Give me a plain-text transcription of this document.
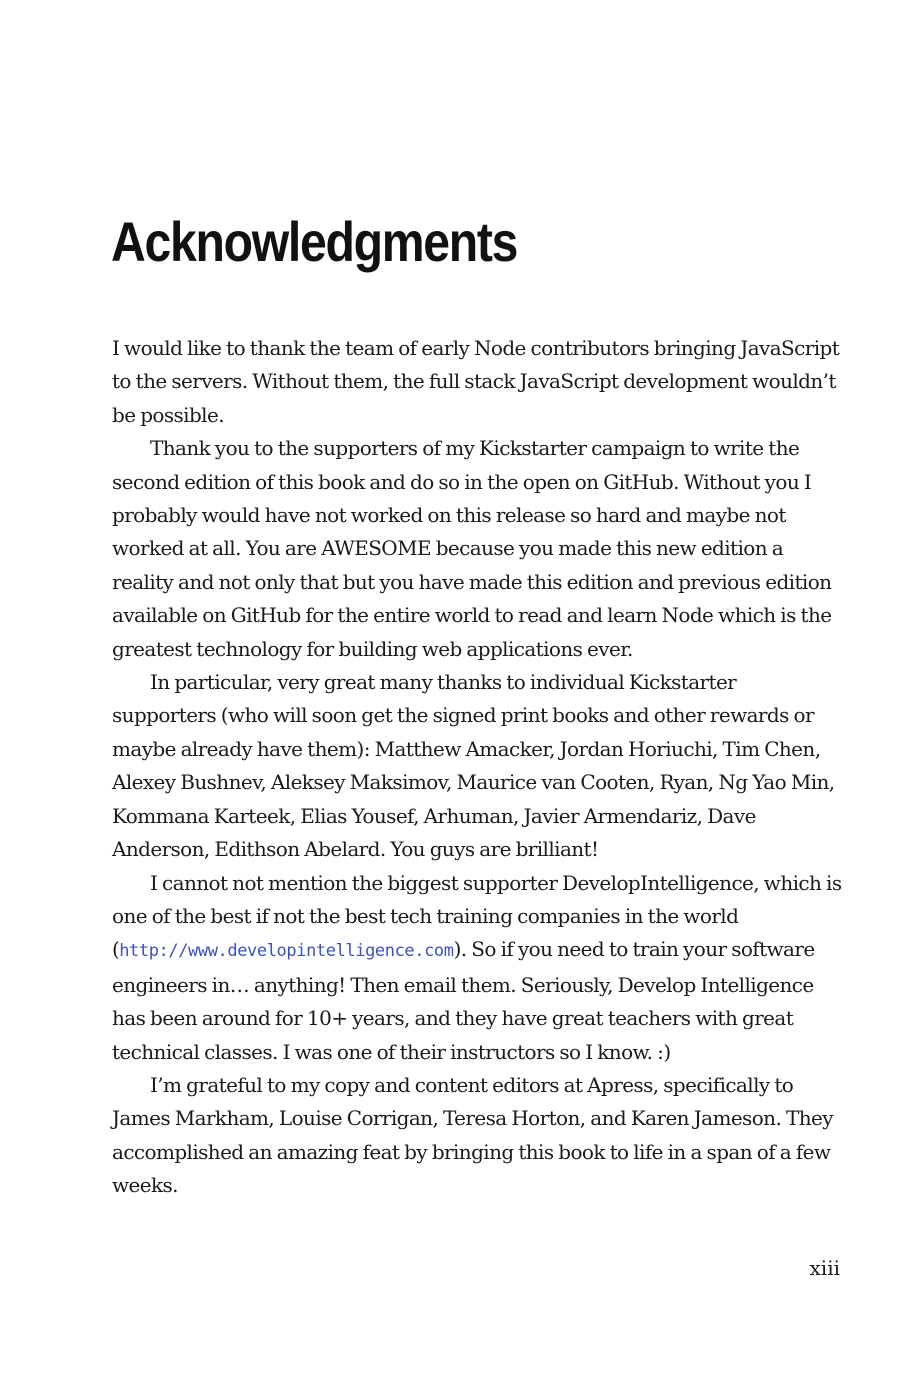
Acknowledgments

I would like to thank the team of early Node contributors bringing JavaScript to the servers. Without them, the full stack JavaScript development wouldn’t be possible.

Thank you to the supporters of my Kickstarter campaign to write the second edition of this book and do so in the open on GitHub. Without you I probably would have not worked on this release so hard and maybe not worked at all. You are AWESOME because you made this new edition a reality and not only that but you have made this edition and previous edition available on GitHub for the entire world to read and learn Node which is the greatest technology for building web applications ever.

In particular, very great many thanks to individual Kickstarter supporters (who will soon get the signed print books and other rewards or maybe already have them): Matthew Amacker, Jordan Horiuchi, Tim Chen, Alexey Bushnev, Aleksey Maksimov, Maurice van Cooten, Ryan, Ng Yao Min, Kommana Karteek, Elias Yousef, Arhuman, Javier Armendariz, Dave Anderson, Edithson Abelard. You guys are brilliant!

I cannot not mention the biggest supporter DevelopIntelligence, which is one of the best if not the best tech training companies in the world (http://www.developintelligence.com). So if you need to train your software engineers in… anything! Then email them. Seriously, Develop Intelligence has been around for 10+ years, and they have great teachers with great technical classes. I was one of their instructors so I know. :)

I’m grateful to my copy and content editors at Apress, specifically to James Markham, Louise Corrigan, Teresa Horton, and Karen Jameson. They accomplished an amazing feat by bringing this book to life in a span of a few weeks.

xiii
